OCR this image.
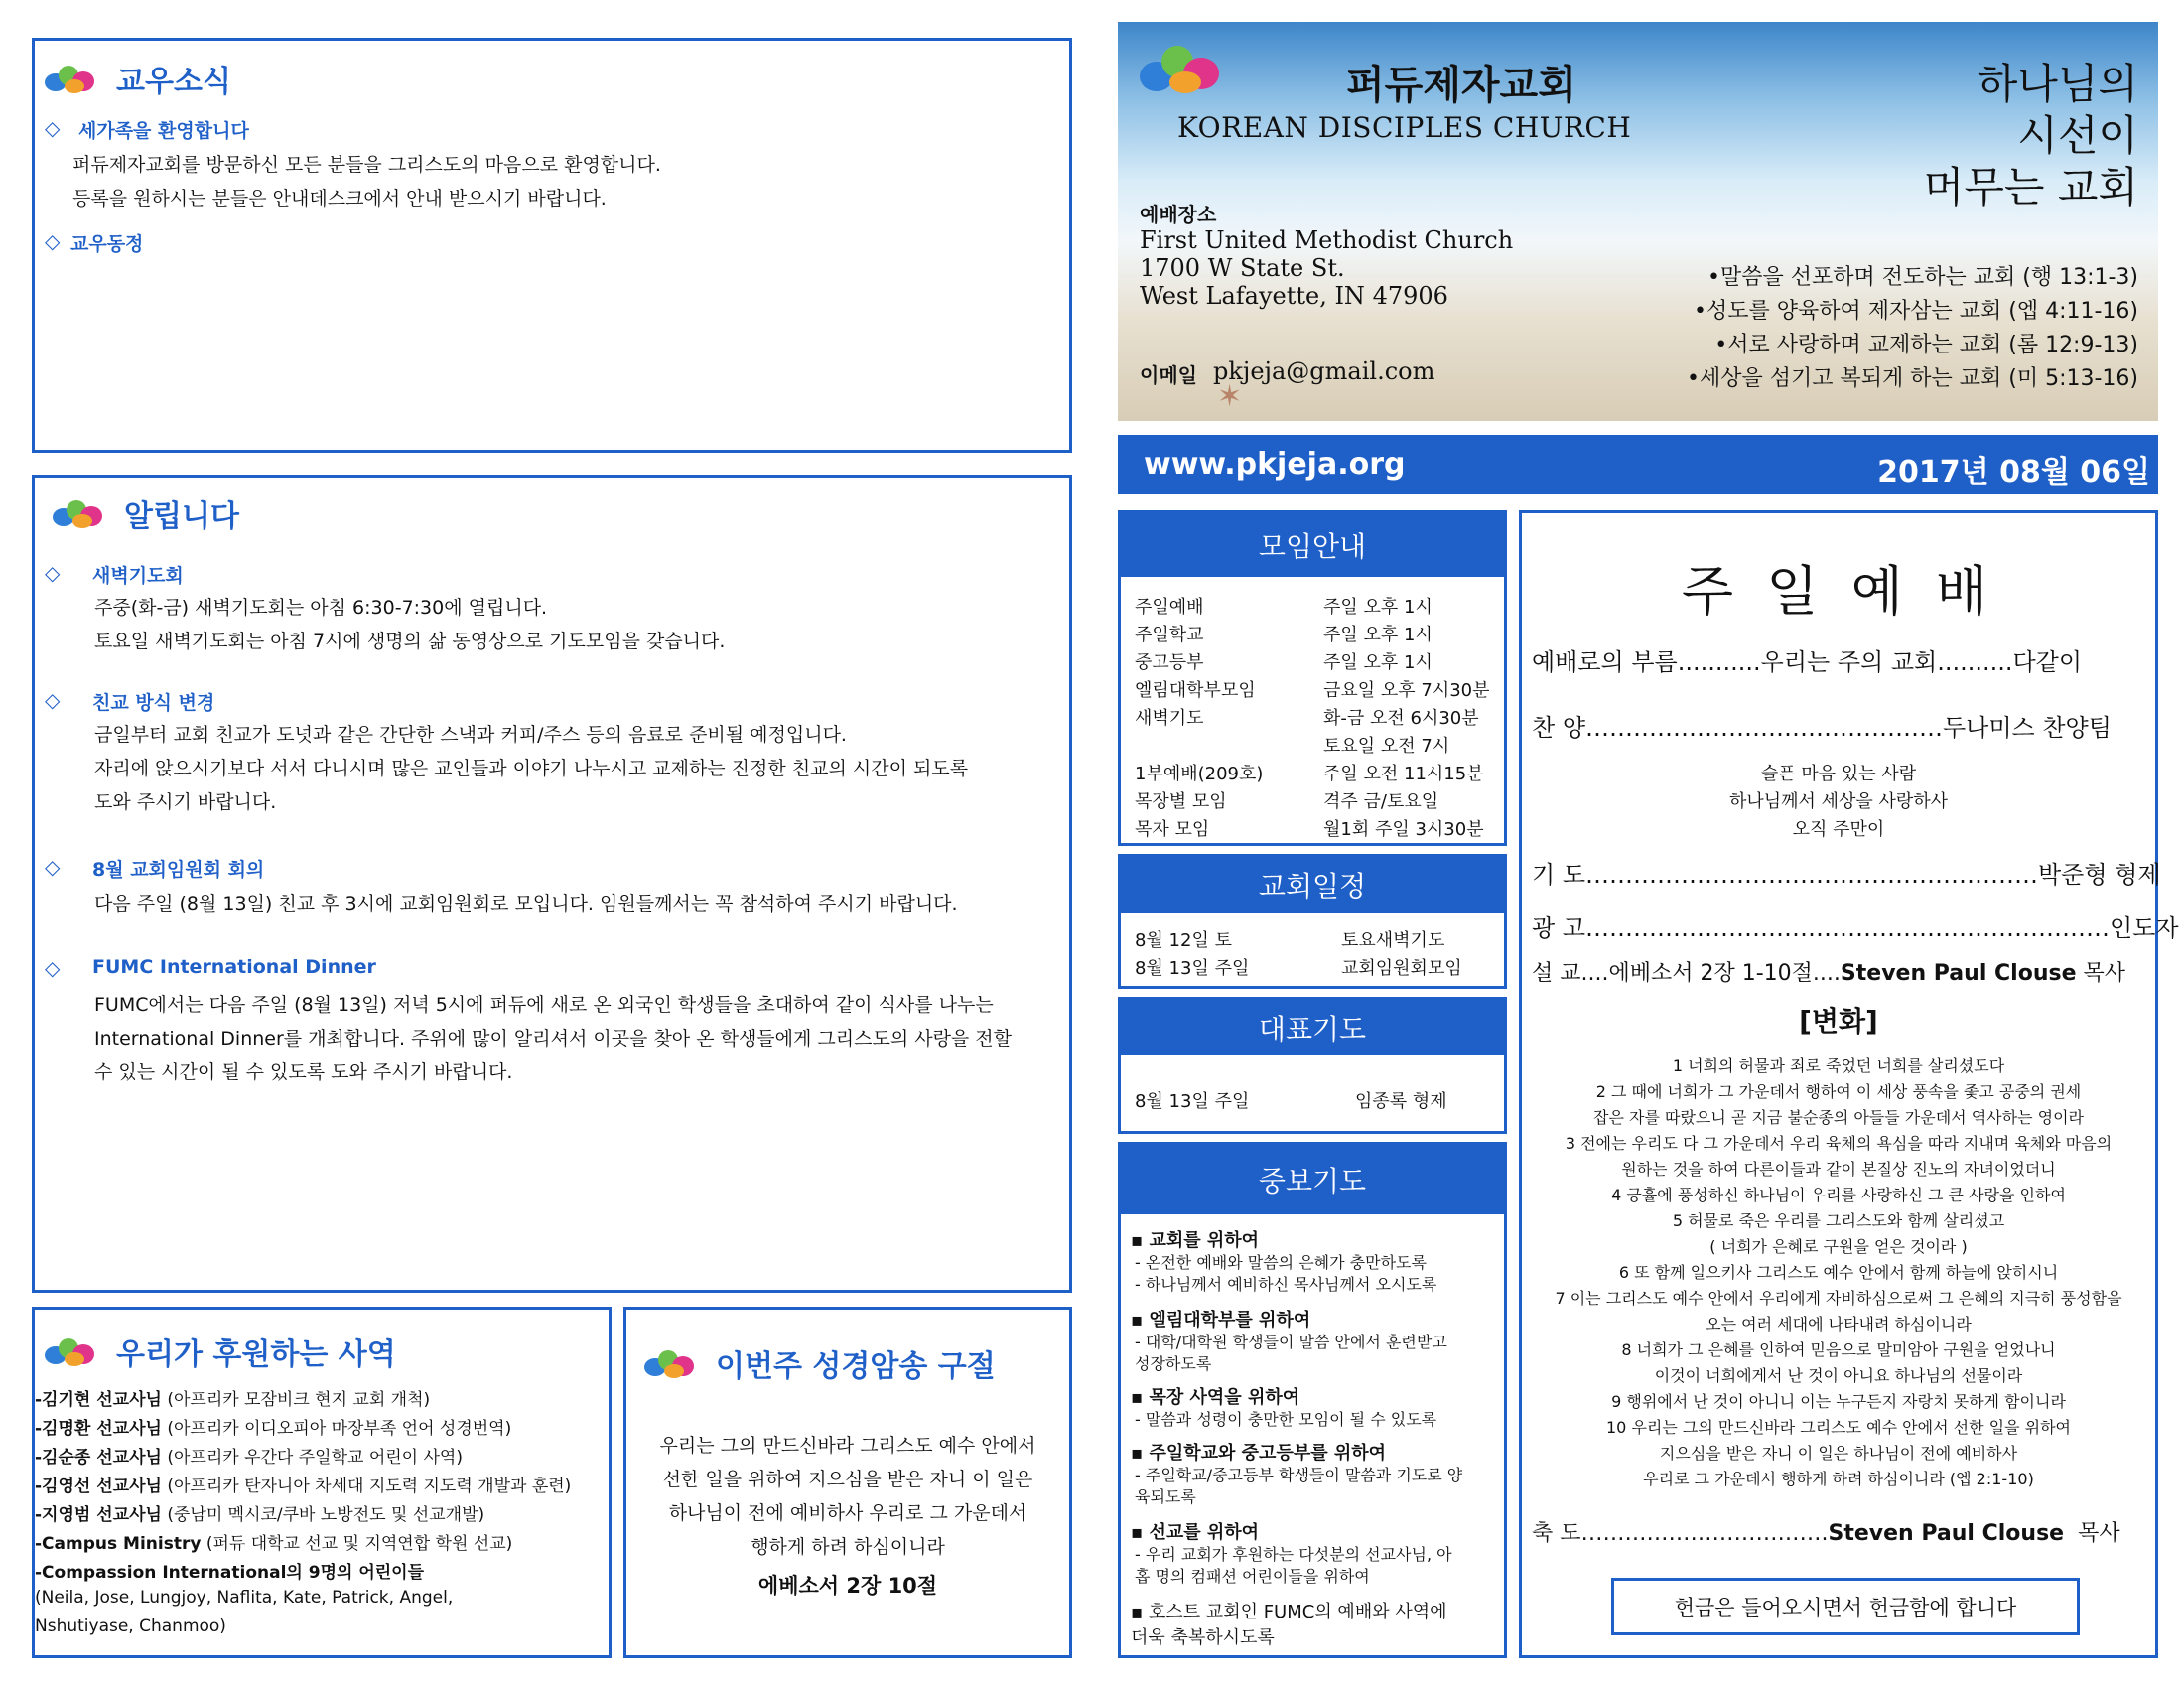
교우소식
◇ 세가족을 환영합니다
퍼듀제자교회를 방문하신 모든 분들을 그리스도의 마음으로 환영합니다.
등록을 원하시는 분들은 안내데스크에서 안내 받으시기 바랍니다.
◇ 교우동정
알립니다
◇ 새벽기도회
주중(화-금) 새벽기도회는 아침 6:30-7:30에 열립니다.
토요일 새벽기도회는 아침 7시에 생명의 삶 동영상으로 기도모임을 갖습니다.
◇ 친교 방식 변경
금일부터 교회 친교가 도넛과 같은 간단한 스낵과 커피/주스 등의 음료로 준비될 예정입니다.
자리에 앉으시기보다 서서 다니시며 많은 교인들과 이야기 나누시고 교제하는 진정한 친교의 시간이 되도록
도와 주시기 바랍니다.
◇ 8월 교회임원회 회의
다음 주일 (8월 13일) 친교 후 3시에 교회임원회로 모입니다. 임원들께서는 꼭 참석하여 주시기 바랍니다.
◇ FUMC International Dinner
FUMC에서는 다음 주일 (8월 13일) 저녁 5시에 퍼듀에 새로 온 외국인 학생들을 초대하여 같이 식사를 나누는
International Dinner를 개최합니다. 주위에 많이 알리셔서 이곳을 찾아 온 학생들에게 그리스도의 사랑을 전할
수 있는 시간이 될 수 있도록 도와 주시기 바랍니다.
우리가 후원하는 사역
-김기현 선교사님 (아프리카 모잠비크 현지 교회 개척)
-김명환 선교사님 (아프리카 이디오피아 마장부족 언어 성경번역)
-김순종 선교사님 (아프리카 우간다 주일학교 어린이 사역)
-김영선 선교사님 (아프리카 탄자니아 차세대 지도력 지도력 개발과 훈련)
-지영범 선교사님 (중남미 멕시코/쿠바 노방전도 및 선교개발)
-Campus Ministry (퍼듀 대학교 선교 및 지역연합 학원 선교)
-Compassion International의 9명의 어린이들
(Neila, Jose, Lungjoy, Naflita, Kate, Patrick, Angel,
Nshutiyase, Chanmoo)
이번주 성경암송 구절
우리는 그의 만드신바라 그리스도 예수 안에서
선한 일을 위하여 지으심을 받은 자니 이 일은
하나님이 전에 예비하사 우리로 그 가운데서
행하게 하려 하심이니라
에베소서 2장 10절
퍼듀제자교회
KOREAN DISCIPLES CHURCH
하나님의
시선이
머무는 교회
예배장소
First United Methodist Church
1700 W State St.
West Lafayette, IN 47906
이메일 pkjeja@gmail.com
✶
•말씀을 선포하며 전도하는 교회 (행 13:1-3)
•성도를 양육하여 제자삼는 교회 (엡 4:11-16)
•서로 사랑하며 교제하는 교회 (롬 12:9-13)
•세상을 섬기고 복되게 하는 교회 (미 5:13-16)
www.pkjeja.org	2017년 08월 06일
모임안내
주일예배	주일 오후 1시
주일학교	주일 오후 1시
중고등부	주일 오후 1시
엘림대학부모임	금요일 오후 7시30분
새벽기도	화-금 오전 6시30분
토요일 오전 7시
1부예배(209호)	주일 오전 11시15분
목장별 모임	격주 금/토요일
목자 모임	월1회 주일 3시30분
교회일정
8월 12일 토	토요새벽기도
8월 13일 주일	교회임원회모임
대표기도
8월 13일 주일	임종록 형제
중보기도
▪ 교회를 위하여
- 온전한 예배와 말씀의 은혜가 충만하도록
- 하나님께서 예비하신 목사님께서 오시도록
▪ 엘림대학부를 위하여
- 대학/대학원 학생들이 말씀 안에서 훈련받고
성장하도록
▪ 목장 사역을 위하여
- 말씀과 성령이 충만한 모임이 될 수 있도록
▪ 주일학교와 중고등부를 위하여
- 주일학교/중고등부 학생들이 말씀과 기도로 양
육되도록
▪ 선교를 위하여
- 우리 교회가 후원하는 다섯분의 선교사님, 아
홉 명의 컴패션 어린이들을 위하여
▪ 호스트 교회인 FUMC의 예배와 사역에
더욱 축복하시도록
주 일 예 배
예배로의 부름...........우리는 주의 교회..........다같이
찬 양………………………………………두나미스 찬양팀
슬픈 마음 있는 사람
하나님께서 세상을 사랑하사
오직 주만이
기 도…………………………………………………박준형 형제
광 고…………………………………………………………인도자
설 교....에베소서 2장 1-10절....Steven Paul Clouse 목사
[변화]
1 너희의 허물과 죄로 죽었던 너희를 살리셨도다
2 그 때에 너희가 그 가운데서 행하여 이 세상 풍속을 좇고 공중의 권세
잡은 자를 따랐으니 곧 지금 불순종의 아들들 가운데서 역사하는 영이라
3 전에는 우리도 다 그 가운데서 우리 육체의 욕심을 따라 지내며 육체와 마음의
원하는 것을 하여 다른이들과 같이 본질상 진노의 자녀이었더니
4 긍휼에 풍성하신 하나님이 우리를 사랑하신 그 큰 사랑을 인하여
5 허물로 죽은 우리를 그리스도와 함께 살리셨고
( 너희가 은혜로 구원을 얻은 것이라 )
6 또 함께 일으키사 그리스도 예수 안에서 함께 하늘에 앉히시니
7 이는 그리스도 예수 안에서 우리에게 자비하심으로써 그 은혜의 지극히 풍성함을
오는 여러 세대에 나타내려 하심이니라
8 너희가 그 은혜를 인하여 믿음으로 말미암아 구원을 얻었나니
이것이 너희에게서 난 것이 아니요 하나님의 선물이라
9 행위에서 난 것이 아니니 이는 누구든지 자랑치 못하게 함이니라
10 우리는 그의 만드신바라 그리스도 예수 안에서 선한 일을 위하여
지으심을 받은 자니 이 일은 하나님이 전에 예비하사
우리로 그 가운데서 행하게 하려 하심이니라 (엡 2:1-10)
축 도…………………………….Steven Paul Clouse 목사
헌금은 들어오시면서 헌금함에 합니다
